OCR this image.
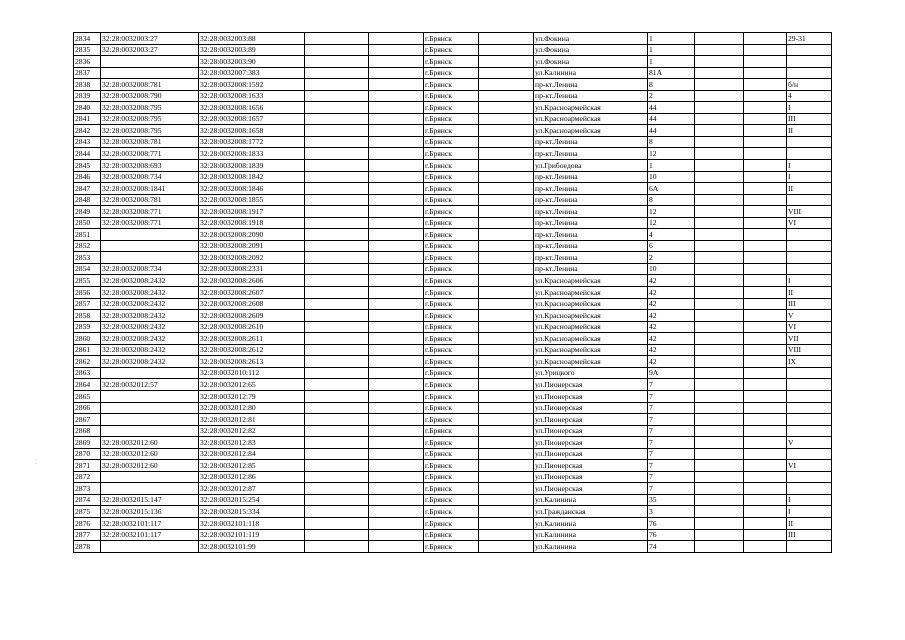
⁚
2834	32:28:0032003:27	32:28:0032003:88			г.Брянск		ул.Фокина	1			29-31
2835	32:28:0032003:27	32:28:0032003:89			г.Брянск		ул.Фокина	1			
2836		32:28:0032003:90			г.Брянск		ул.Фокина	1			
2837		32:28:0032007:383			г.Брянск		ул.Калинина	81А			
2838	32:28:0032008:781	32:28:0032008:1592			г.Брянск		пр-кт.Ленина	8			б/н
2839	32:28:0032008:790	32:28:0032008:1633			г.Брянск		пр-кт.Ленина	2			4
2840	32:28:0032008:795	32:28:0032008:1656			г.Брянск		ул.Красноармейская	44			I
2841	32:28:0032008:795	32:28:0032008:1657			г.Брянск		ул.Красноармейская	44			III
2842	32:28:0032008:795	32:28:0032008:1658			г.Брянск		ул.Красноармейская	44			II
2843	32:28:0032008:781	32:28:0032008:1772			г.Брянск		пр-кт.Ленина	8			
2844	32:28:0032008:771	32:28:0032008:1833			г.Брянск		пр-кт.Ленина	12			
2845	32:28:0032008:693	32:28:0032008:1839			г.Брянск		ул.Грибоедова	1			I
2846	32:28:0032008:734	32:28:0032008:1842			г.Брянск		пр-кт.Ленина	10			I
2847	32:28:0032008:1841	32:28:0032008:1846			г.Брянск		пр-кт.Ленина	6А			II
2848	32:28:0032008:781	32:28:0032008:1855			г.Брянск		пр-кт.Ленина	8			
2849	32:28:0032008:771	32:28:0032008:1917			г.Брянск		пр-кт.Ленина	12			VIII
2850	32:28:0032008:771	32:28:0032008:1918			г.Брянск		пр-кт.Ленина	12			VI
2851		32:28:0032008:2090			г.Брянск		пр-кт.Ленина	4			
2852		32:28:0032008:2091			г.Брянск		пр-кт.Ленина	6			
2853		32:28:0032008:2092			г.Брянск		пр-кт.Ленина	2			
2854	32:28:0032008:734	32:28:0032008:2331			г.Брянск		пр-кт.Ленина	10			
2855	32:28:0032008:2432	32:28:0032008:2606			г.Брянск		ул.Красноармейская	42			I
2856	32:28:0032008:2432	32:28:0032008:2607			г.Брянск		ул.Красноармейская	42			II
2857	32:28:0032008:2432	32:28:0032008:2608			г.Брянск		ул.Красноармейская	42			III
2858	32:28:0032008:2432	32:28:0032008:2609			г.Брянск		ул.Красноармейская	42			V
2859	32:28:0032008:2432	32:28:0032008:2610			г.Брянск		ул.Красноармейская	42			VI
2860	32:28:0032008:2432	32:28:0032008:2611			г.Брянск		ул.Красноармейская	42			VII
2861	32:28:0032008:2432	32:28:0032008:2612			г.Брянск		ул.Красноармейская	42			VIII
2862	32:28:0032008:2432	32:28:0032008:2613			г.Брянск		ул.Красноармейская	42			IX
2863		32:28:0032010:112			г.Брянск		ул.Урицкого	9А			
2864	32:28:0032012:57	32:28:0032012:65			г.Брянск		ул.Пионерская	7			
2865		32:28:0032012:79			г.Брянск		ул.Пионерская	7			
2866		32:28:0032012:80			г.Брянск		ул.Пионерская	7			
2867		32:28:0032012:81			г.Брянск		ул.Пионерская	7			
2868		32:28:0032012:82			г.Брянск		ул.Пионерская	7			
2869	32:28:0032012:60	32:28:0032012:83			г.Брянск		ул.Пионерская	7			V
2870	32:28:0032012:60	32:28:0032012:84			г.Брянск		ул.Пионерская	7			
2871	32:28:0032012:60	32:28:0032012:85			г.Брянск		ул.Пионерская	7			VI
2872		32:28:0032012:86			г.Брянск		ул.Пионерская	7			
2873		32:28:0032012:87			г.Брянск		ул.Пионерская	7			
2874	32:28:0032015:147	32:28:0032015:254			г.Брянск		ул.Калинина	35			I
2875	32:28:0032015:136	32:28:0032015:334			г.Брянск		ул.Гражданская	3			I
2876	32:28:0032101:117	32:28:0032101:118			г.Брянск		ул.Калинина	76			II
2877	32:28:0032101:117	32:28:0032101:119			г.Брянск		ул.Калинина	76			III
2878		32:28:0032101:99			г.Брянск		ул.Калинина	74			
